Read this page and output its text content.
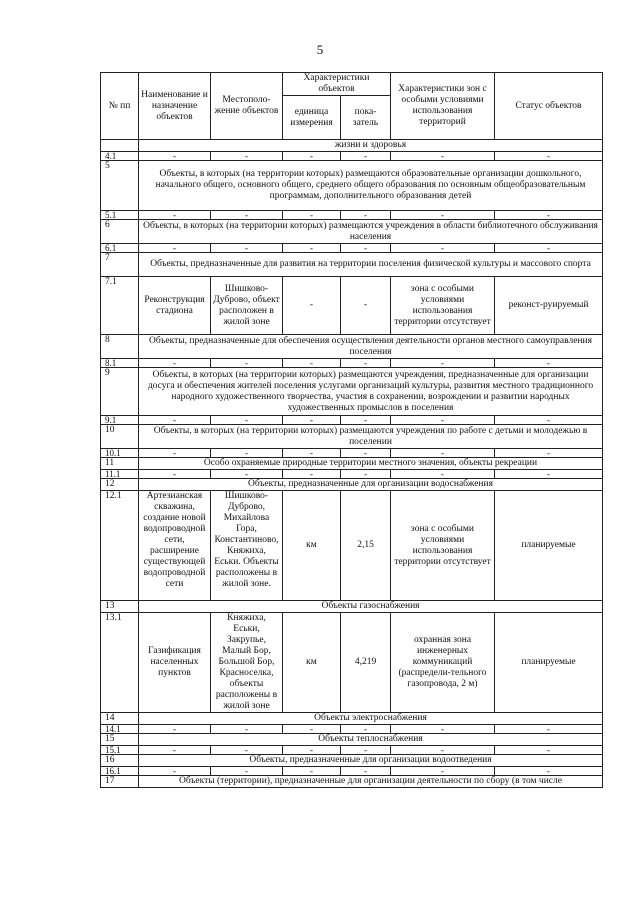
5
№ пп	Наименование и назначение объектов	Местополо-жение объектов	Характеристики объектов		Характеристики зон с особыми условиями использования территорий	Статус объектов
			единица измерения	пока-затель		
	жизни и здоровья					
4.1	-	-	-	-	-	-
5	Объекты, в которых (на территории которых) размещаются образовательные организации дошкольного, начального общего, основного общего, среднего общего образования по основным общеобразовательным программам, дополнительного образования детей					
5.1	-	-	-	-	-	-
6	Объекты, в которых (на территории которых) размещаются учреждения в области библиотечного обслуживания населения					
6.1	-	-	-	-	-	-
7	Объекты, предназначенные для развития на территории поселения физической культуры и массового спорта					
7.1	Реконструкция стадиона	Шишково-Дуброво, объект расположен в жилой зоне	-	-	зона с особыми условиями использования территории отсутствует	реконст-руируемый
8	Объекты, предназначенные для обеспечения осуществления деятельности органов местного самоуправления поселения					
8.1	-	-	-	-	-	-
9	Объекты, в которых (на территории которых) размещаются учреждения, предназначенные для организации досуга и обеспечения жителей поселения услугами организаций культуры, развития местного традиционного народного художественного творчества, участия в сохранении, возрождении и развитии народных художественных промыслов в поселения					
9.1	-	-	-	-	-	-
10	Объекты, в которых (на территории которых) размещаются учреждения по работе с детьми и молодежью в поселении					
10.1	-	-	-	-	-	-
11	Особо охраняемые природные территории местного значения, объекты рекреации					
11.1	-	-	-	-	-	-
12	Объекты, предназначенные для организации водоснабжения					
12.1	Артезианская скважина, создание новой водопроводной сети, расширение существующей водопроводной сети	Шишково-Дуброво, Михайлова Гора, Константиново, Княжиха, Еськи. Объекты расположены в жилой зоне.	км	2,15	зона с особыми условиями использования территории отсутствует	планируемые
13	Объекты газоснабжения					
13.1	Газификация населенных пунктов	Княжиха, Еськи, Закрупье, Малый Бор, Большой Бор, Красноселка, объекты расположены в жилой зоне	км	4,219	охранная зона инженерных коммуникаций (распредели-тельного газопровода, 2 м)	планируемые
14	Объекты электроснабжения					
14.1	-	-	-	-	-	-
15	Объекты теплоснабжения					
15.1	-	-	-	-	-	-
16	Объекты, предназначенные для организации водоотведения					
16.1	-	-	-	-	-	-
17	Объекты (территории), предназначенные для организации деятельности по сбору (в том числе					
